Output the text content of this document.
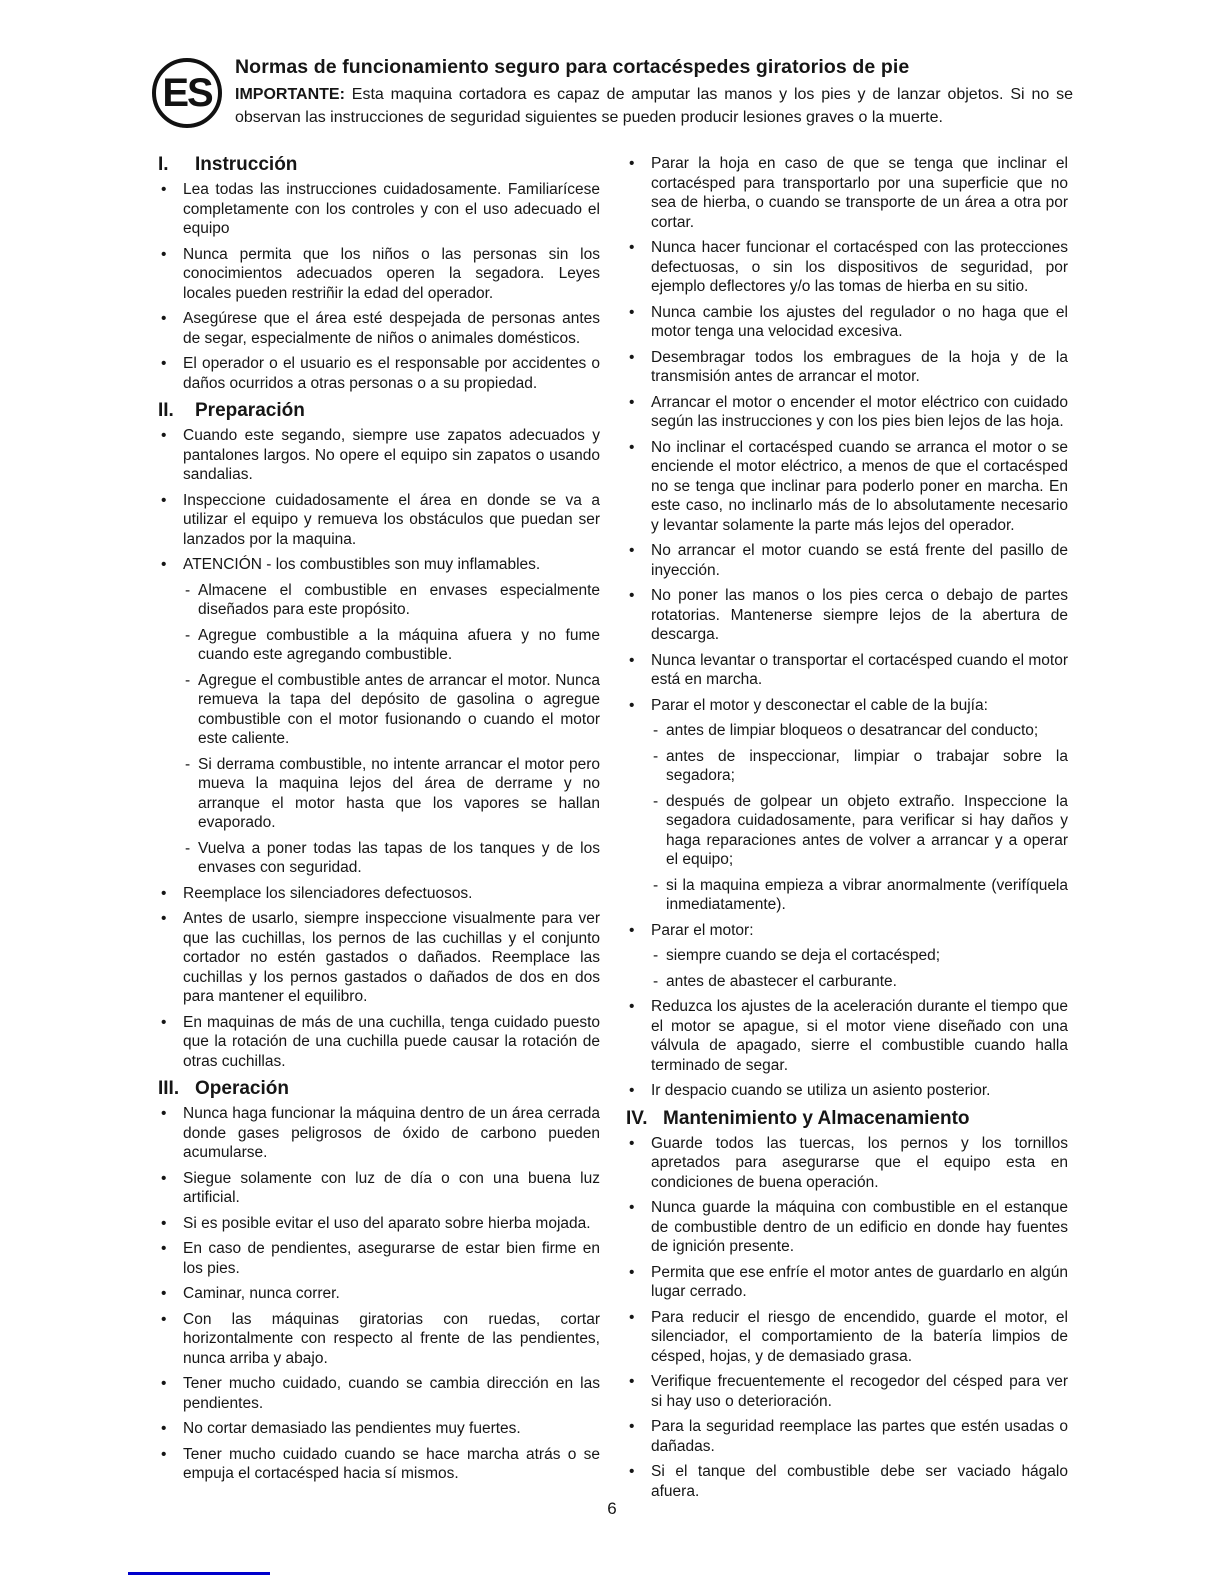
ES
Normas de funcionamiento seguro para cortacéspedes giratorios de pie
IMPORTANTE: Esta maquina cortadora es capaz de amputar las manos y los pies y de lanzar objetos. Si no se observan las instrucciones de seguridad siguientes se pueden producir lesiones graves o la muerte.
I.	Instrucción
• Lea todas las instrucciones cuidadosamente. Familiarícese completamente con los controles y con el uso adecuado el equipo
• Nunca permita que los niños o las personas sin los conocimientos adecuados operen la segadora. Leyes locales pueden restriñir la edad del operador.
• Asegúrese que el área esté despejada de personas antes de segar, especialmente de niños o animales domésticos.
• El operador o el usuario es el responsable por accidentes o daños ocurridos a otras personas o a su propiedad.
II.	Preparación
• Cuando este segando, siempre use zapatos adecuados y pantalones largos. No opere el equipo sin zapatos o usando sandalias.
• Inspeccione cuidadosamente el área en donde se va a utilizar el equipo y remueva los obstáculos que puedan ser lanzados por la maquina.
• ATENCIÓN - los combustibles son muy inflamables.
- Almacene el combustible en envases especialmente diseñados para este propósito.
- Agregue combustible a la máquina afuera y no fume cuando este agregando combustible.
- Agregue el combustible antes de arrancar el motor. Nunca remueva la tapa del depósito de gasolina o agregue combustible con el motor fusionando o cuando el motor este caliente.
- Si derrama combustible, no intente arrancar el motor pero mueva la maquina lejos del área de derrame y no arranque el motor hasta que los vapores se hallan evaporado.
- Vuelva a poner todas las tapas de los tanques y de los envases con seguridad.
• Reemplace los silenciadores defectuosos.
• Antes de usarlo, siempre inspeccione visualmente para ver que las cuchillas, los pernos de las cuchillas y el conjunto cortador no estén gastados o dañados. Reemplace las cuchillas y los pernos gastados o dañados de dos en dos para mantener el equilibro.
• En maquinas de más de una cuchilla, tenga cuidado puesto que la rotación de una cuchilla puede causar la rotación de otras cuchillas.
III. Operación
• Nunca haga funcionar la máquina dentro de un área cerrada donde gases peligrosos de óxido de carbono pueden acumularse.
• Siegue solamente con luz de día o con una buena luz artificial.
• Si es posible evitar el uso del aparato sobre hierba mojada.
• En caso de pendientes, asegurarse de estar bien firme en los pies.
• Caminar, nunca correr.
• Con las máquinas giratorias con ruedas, cortar horizontalmente con respecto al frente de las pendientes, nunca arriba y abajo.
• Tener mucho cuidado, cuando se cambia dirección en las pendientes.
• No cortar demasiado las pendientes muy fuertes.
• Tener mucho cuidado cuando se hace marcha atrás o se empuja el cortacésped hacia sí mismos.
• Parar la hoja en caso de que se tenga que inclinar el cortacésped para transportarlo por una superficie que no sea de hierba, o cuando se transporte de un área a otra por cortar.
• Nunca hacer funcionar el cortacésped con las protecciones defectuosas, o sin los dispositivos de seguridad, por ejemplo deflectores y/o las tomas de hierba en su sitio.
• Nunca cambie los ajustes del regulador o no haga que el motor tenga una velocidad excesiva.
• Desembragar todos los embragues de la hoja y de la transmisión antes de arrancar el motor.
• Arrancar el motor o encender el motor eléctrico con cuidado según las instrucciones y con los pies bien lejos de las hoja.
• No inclinar el cortacésped cuando se arranca el motor o se enciende el motor eléctrico, a menos de que el cortacésped no se tenga que inclinar para poderlo poner en marcha. En este caso, no inclinarlo más de lo absolutamente necesario y levantar solamente la parte más lejos del operador.
• No arrancar el motor cuando se está frente del pasillo de inyección.
• No poner las manos o los pies cerca o debajo de partes rotatorias. Mantenerse siempre lejos de la abertura de descarga.
• Nunca levantar o transportar el cortacésped cuando el motor está en marcha.
• Parar el motor y desconectar el cable de la bujía:
- antes de limpiar bloqueos o desatrancar del conducto;
- antes de inspeccionar, limpiar o trabajar sobre la segadora;
- después de golpear un objeto extraño. Inspeccione la segadora cuidadosamente, para verificar si hay daños y haga reparaciones antes de volver a arrancar y a operar el equipo;
- si la maquina empieza a vibrar anormalmente (verifíquela inmediatamente).
• Parar el motor:
- siempre cuando se deja el cortacésped;
- antes de abastecer el carburante.
• Reduzca los ajustes de la aceleración durante el tiempo que el motor se apague, si el motor viene diseñado con una válvula de apagado, sierre el combustible cuando halla terminado de segar.
• Ir despacio cuando se utiliza un asiento posterior.
IV. Mantenimiento y Almacenamiento
• Guarde todos las tuercas, los pernos y los tornillos apretados para asegurarse que el equipo esta en condiciones de buena operación.
• Nunca guarde la máquina con combustible en el estanque de combustible dentro de un edificio en donde hay fuentes de ignición presente.
• Permita que ese enfríe el motor antes de guardarlo en algún lugar cerrado.
• Para reducir el riesgo de encendido, guarde el motor, el silenciador, el comportamiento de la batería limpios de césped, hojas, y de demasiado grasa.
• Verifique frecuentemente el recogedor del césped para ver si hay uso o deterioración.
• Para la seguridad reemplace las partes que estén usadas o dañadas.
• Si el tanque del combustible debe ser vaciado hágalo afuera.
6
